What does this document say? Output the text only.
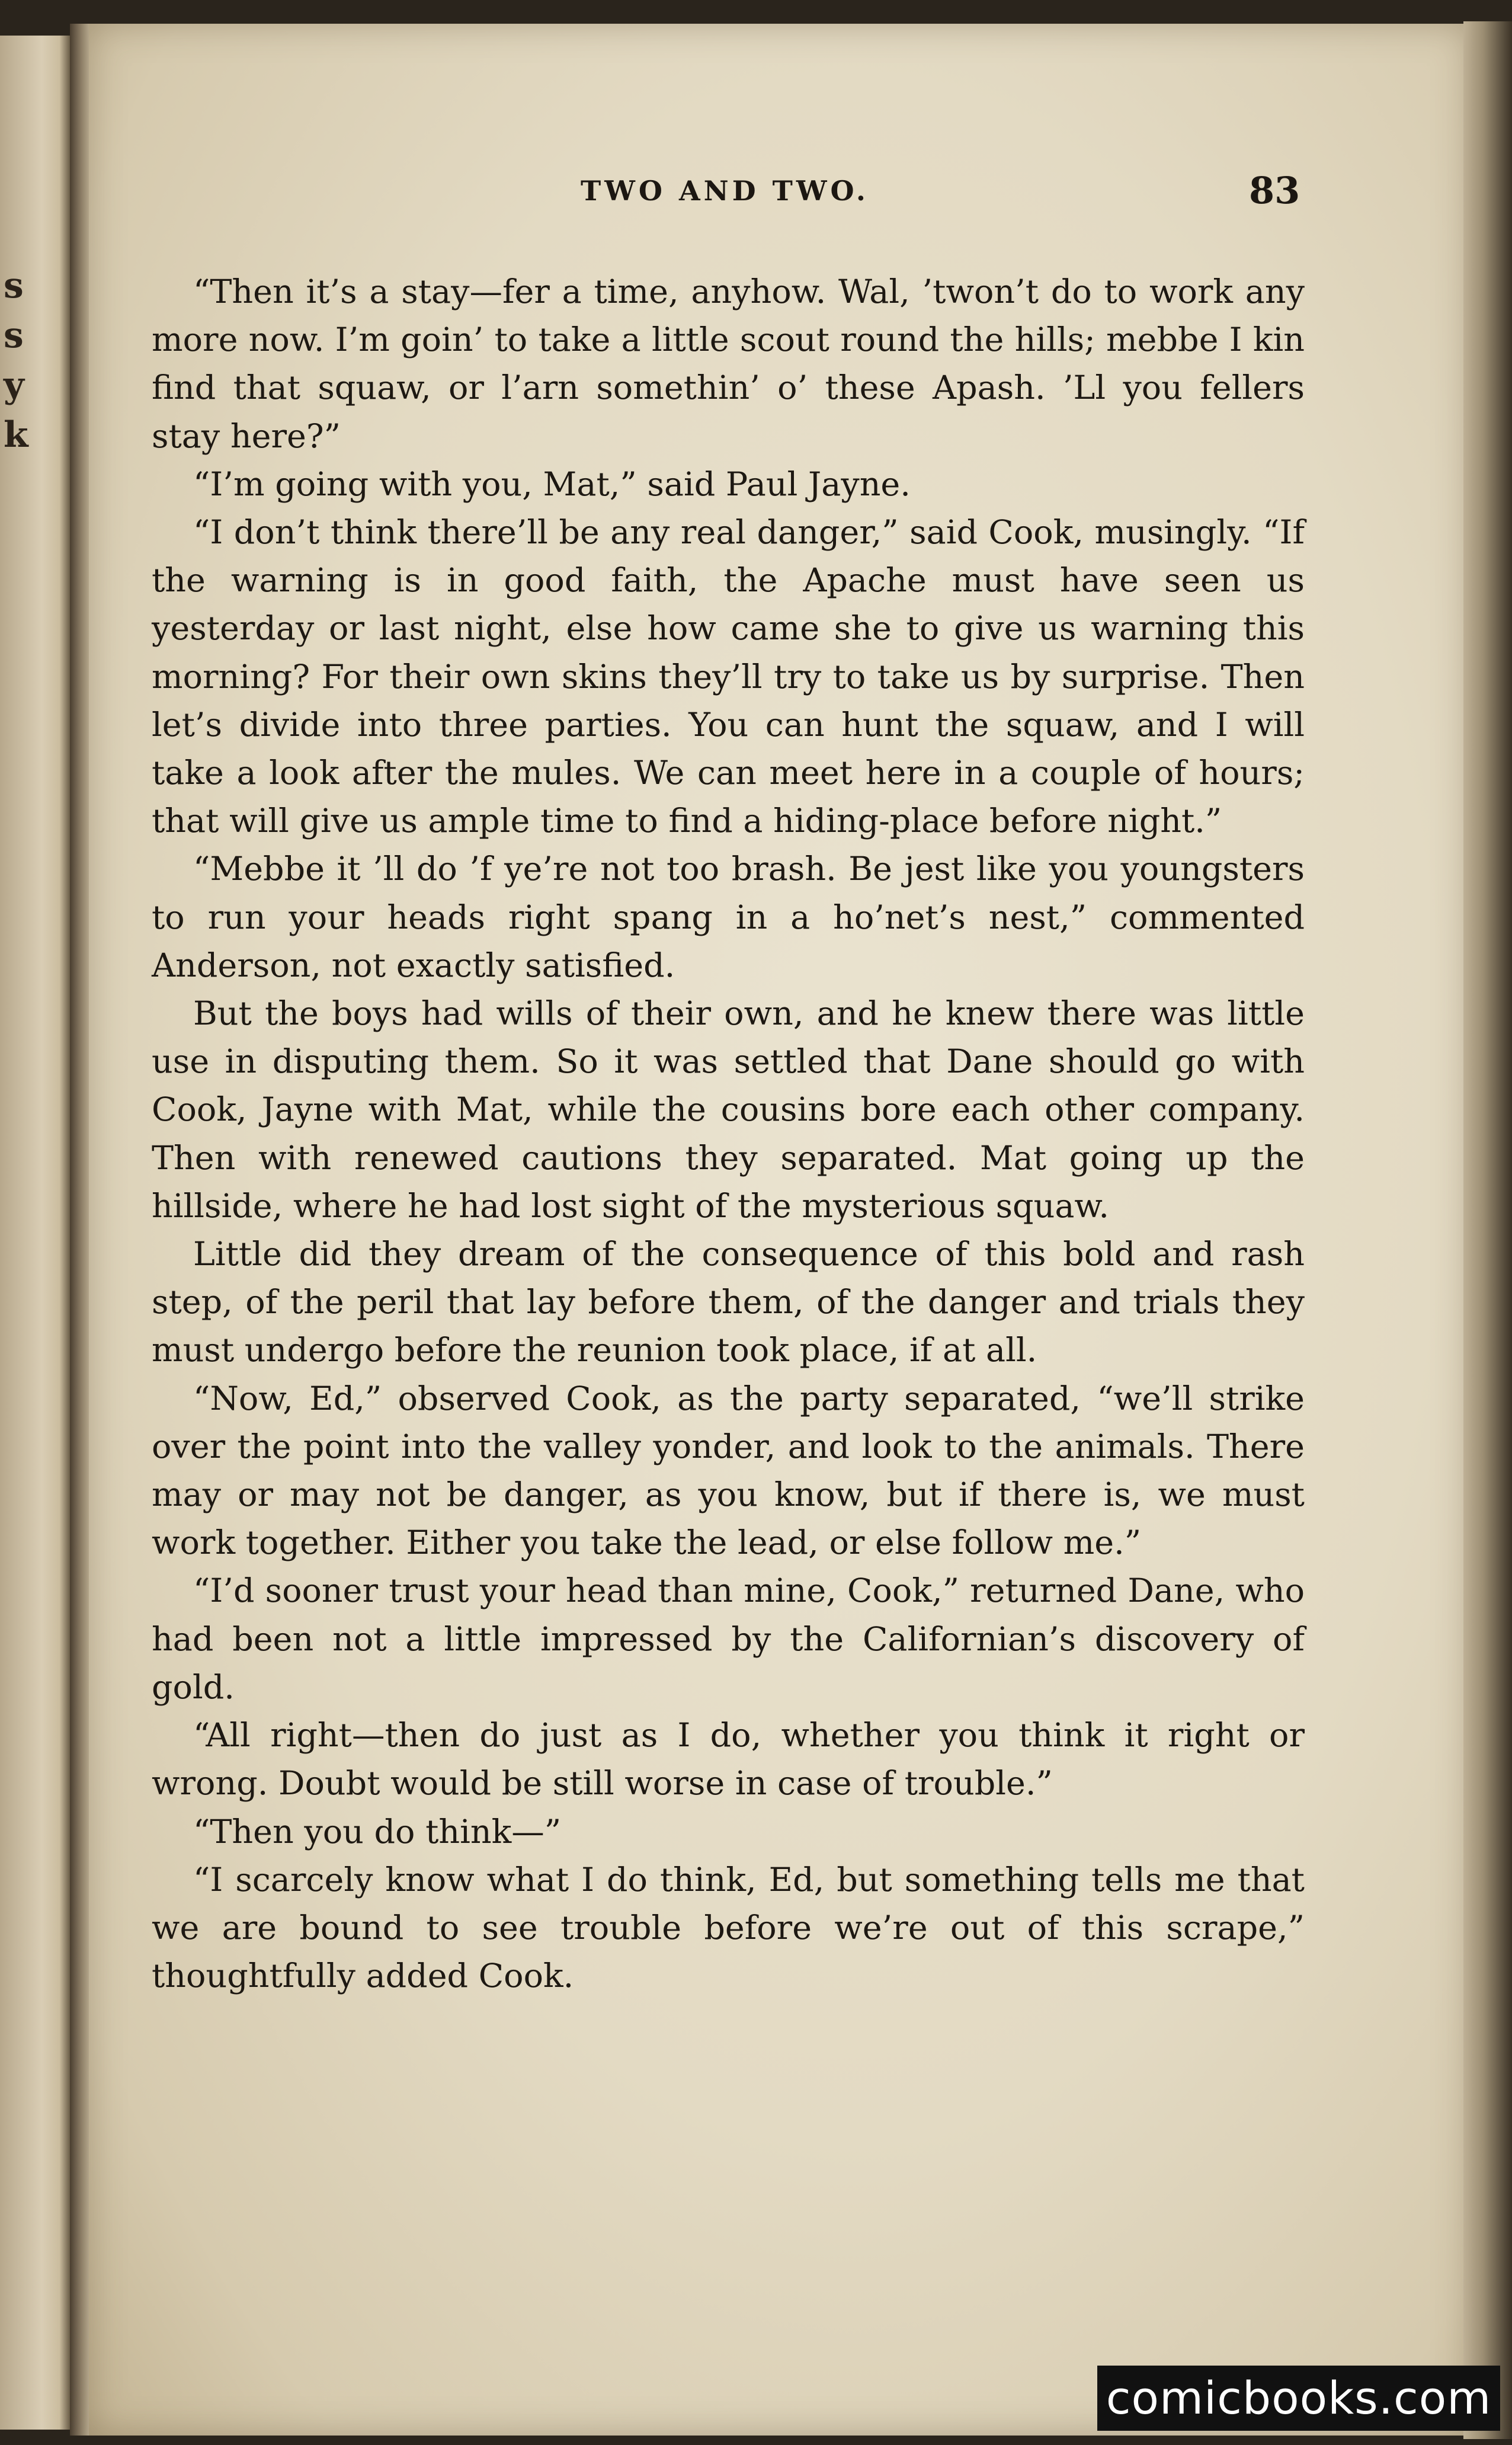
s
s
y
k
TWO AND TWO.	83

“Then it’s a stay—fer a time, anyhow. Wal, ’twon’t do to work any more now. I’m goin’ to take a little scout round the hills; mebbe I kin find that squaw, or l’arn somethin’ o’ these Apash. ’Ll you fellers stay here?”

“I’m going with you, Mat,” said Paul Jayne.

“I don’t think there’ll be any real danger,” said Cook, musingly. “If the warning is in good faith, the Apache must have seen us yesterday or last night, else how came she to give us warning this morning? For their own skins they’ll try to take us by surprise. Then let’s divide into three parties. You can hunt the squaw, and I will take a look after the mules. We can meet here in a couple of hours; that will give us ample time to find a hiding-place before night.”

“Mebbe it ’ll do ’f ye’re not too brash. Be jest like you youngsters to run your heads right spang in a ho’net’s nest,” commented Anderson, not exactly satisfied.

But the boys had wills of their own, and he knew there was little use in disputing them. So it was settled that Dane should go with Cook, Jayne with Mat, while the cousins bore each other company. Then with renewed cautions they separated. Mat going up the hillside, where he had lost sight of the mysterious squaw.

Little did they dream of the consequence of this bold and rash step, of the peril that lay before them, of the danger and trials they must undergo before the reunion took place, if at all.

“Now, Ed,” observed Cook, as the party separated, “we’ll strike over the point into the valley yonder, and look to the animals. There may or may not be danger, as you know, but if there is, we must work together. Either you take the lead, or else follow me.”

“I’d sooner trust your head than mine, Cook,” returned Dane, who had been not a little impressed by the Californian’s discovery of gold.

“All right—then do just as I do, whether you think it right or wrong. Doubt would be still worse in case of trouble.”

“Then you do think—”

“I scarcely know what I do think, Ed, but something tells me that we are bound to see trouble before we’re out of this scrape,” thoughtfully added Cook.

comicbooks.com
